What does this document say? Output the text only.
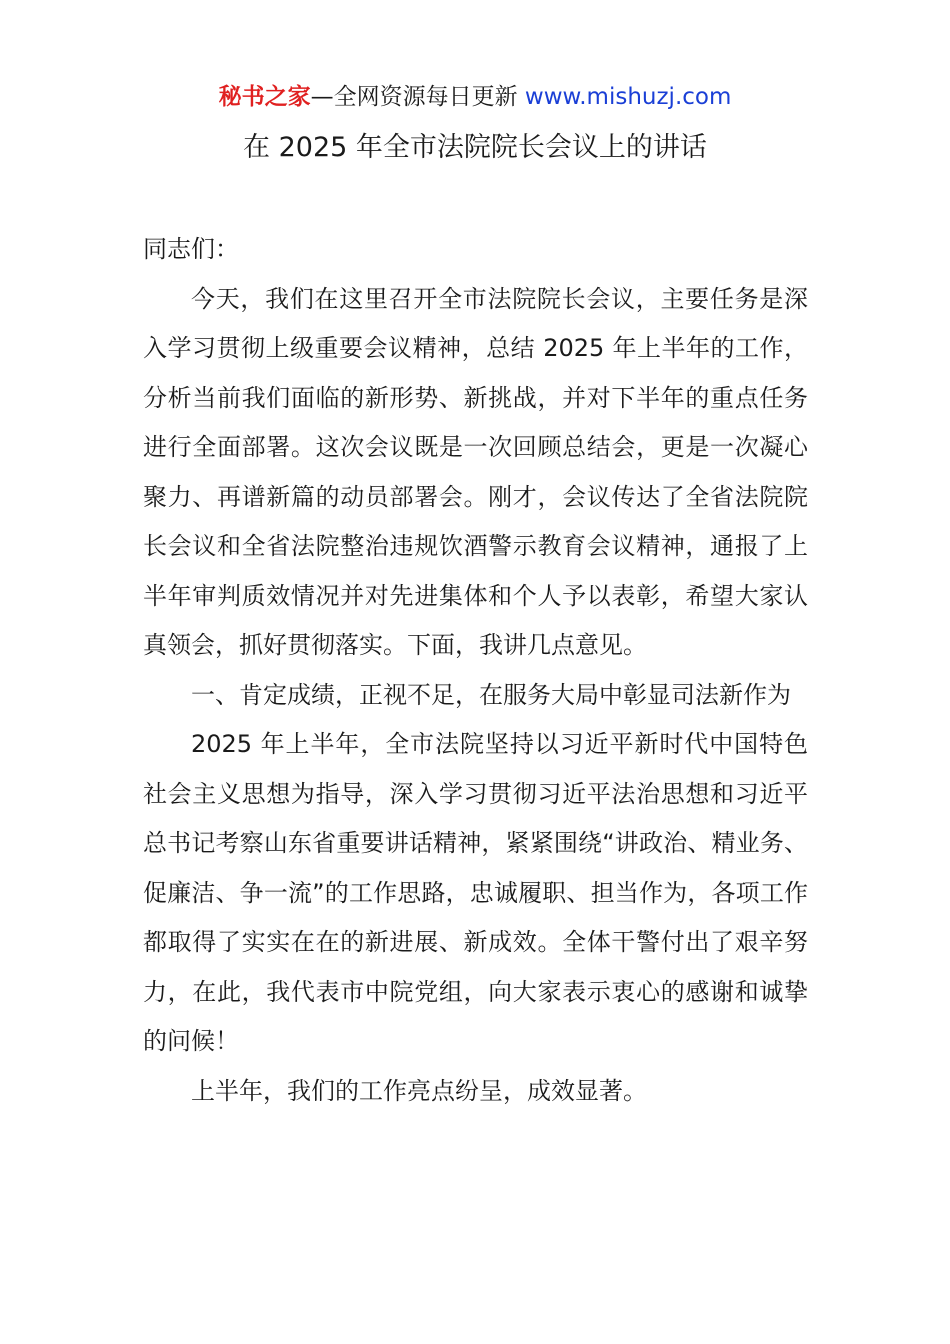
秘书之家—全网资源每日更新 www.mishuzj.com
在 2025 年全市法院院长会议上的讲话

同志们：

今天，我们在这里召开全市法院院长会议，主要任务是深入学习贯彻上级重要会议精神，总结 2025 年上半年的工作，分析当前我们面临的新形势、新挑战，并对下半年的重点任务进行全面部署。这次会议既是一次回顾总结会，更是一次凝心聚力、再谱新篇的动员部署会。刚才，会议传达了全省法院院长会议和全省法院整治违规饮酒警示教育会议精神，通报了上半年审判质效情况并对先进集体和个人予以表彰，希望大家认真领会，抓好贯彻落实。下面，我讲几点意见。

一、肯定成绩，正视不足，在服务大局中彰显司法新作为

2025 年上半年，全市法院坚持以习近平新时代中国特色社会主义思想为指导，深入学习贯彻习近平法治思想和习近平总书记考察山东省重要讲话精神，紧紧围绕“讲政治、精业务、促廉洁、争一流”的工作思路，忠诚履职、担当作为，各项工作都取得了实实在在的新进展、新成效。全体干警付出了艰辛努力，在此，我代表市中院党组，向大家表示衷心的感谢和诚挚的问候！

上半年，我们的工作亮点纷呈，成效显著。
